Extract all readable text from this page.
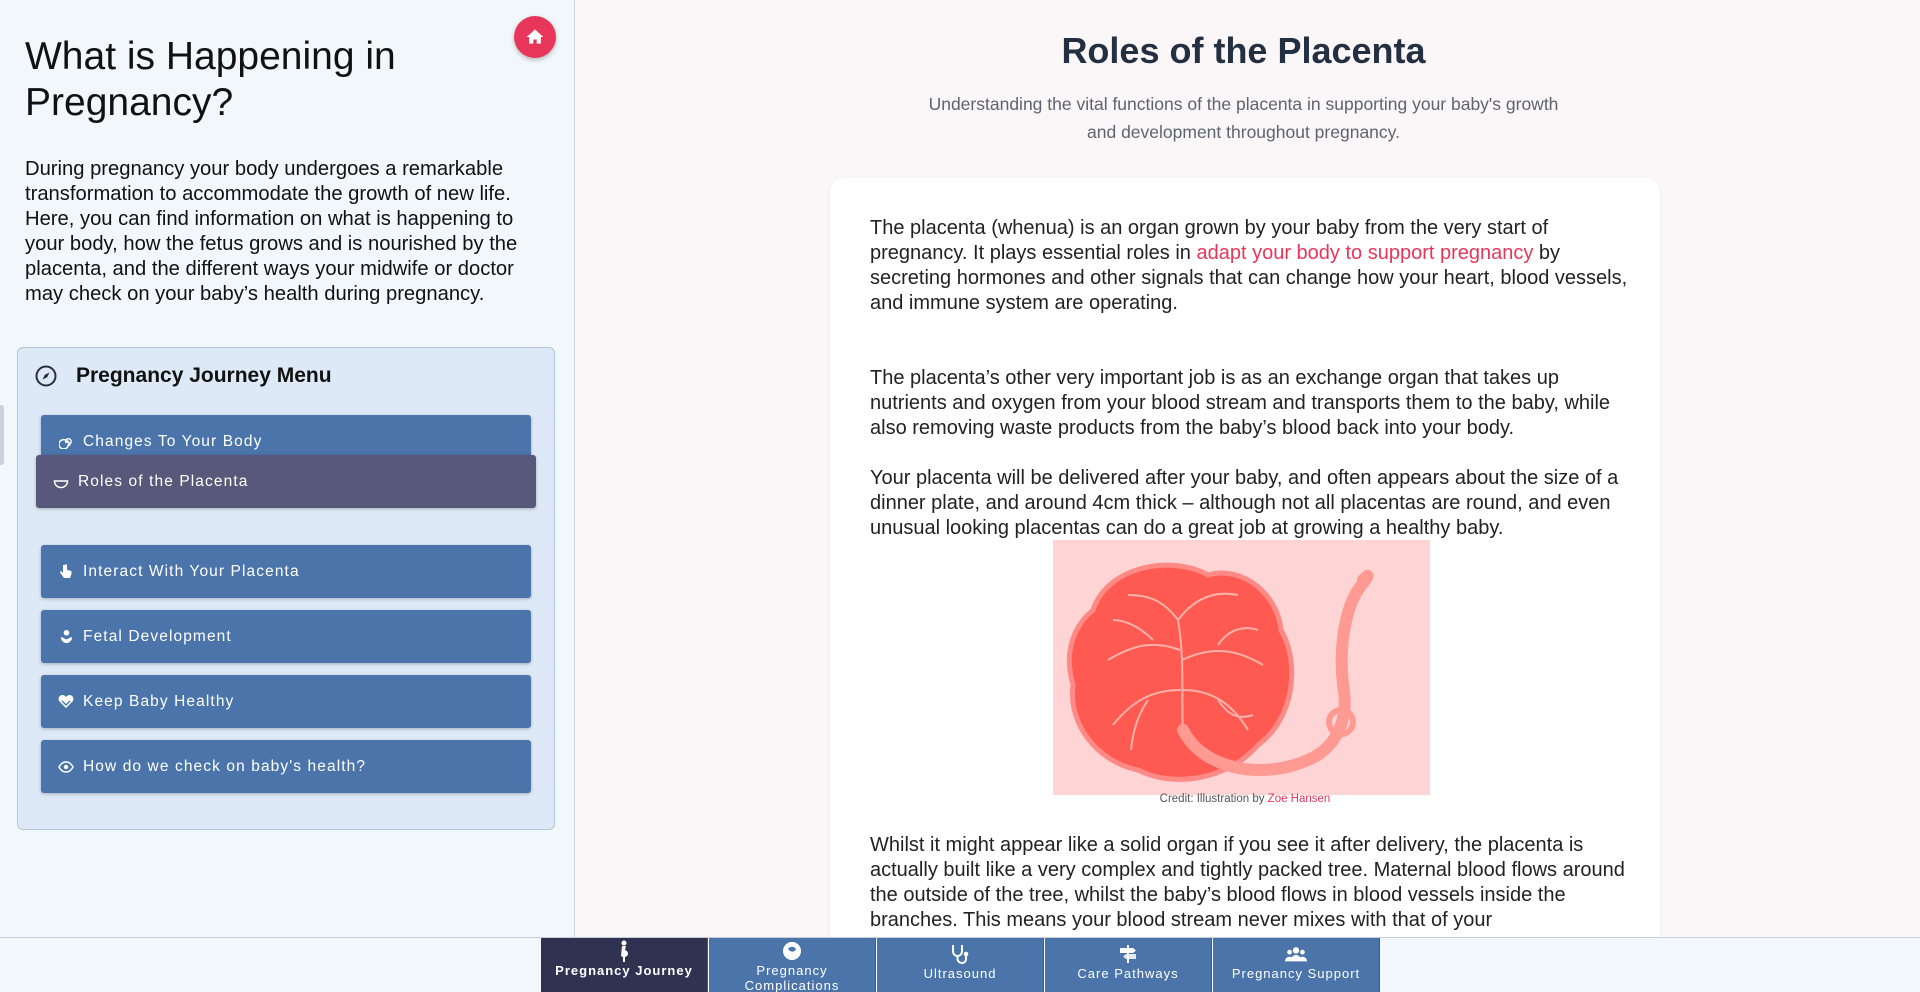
What is Happening in Pregnancy?

During pregnancy your body undergoes a remarkable transformation to accommodate the growth of new life. Here, you can find information on what is happening to your body, how the fetus grows and is nourished by the placenta, and the different ways your midwife or doctor may check on your baby’s health during pregnancy.

Pregnancy Journey Menu
Changes To Your Body
Roles of the Placenta
Interact With Your Placenta
Fetal Development
Keep Baby Healthy
How do we check on baby's health?
Roles of the Placenta

Understanding the vital functions of the placenta in supporting your baby's growth and development throughout pregnancy.

The placenta (whenua) is an organ grown by your baby from the very start of pregnancy. It plays essential roles in adapt your body to support pregnancy by secreting hormones and other signals that can change how your heart, blood vessels, and immune system are operating.

The placenta’s other very important job is as an exchange organ that takes up nutrients and oxygen from your blood stream and transports them to the baby, while also removing waste products from the baby’s blood back into your body.

Your placenta will be delivered after your baby, and often appears about the size of a dinner plate, and around 4cm thick – although not all placentas are round, and even unusual looking placentas can do a great job at growing a healthy baby.

Credit: Illustration by Zoe Hansen

Whilst it might appear like a solid organ if you see it after delivery, the placenta is actually built like a very complex and tightly packed tree. Maternal blood flows around the outside of the tree, whilst the baby’s blood flows in blood vessels inside the branches. This means your blood stream never mixes with that of your

Pregnancy Journey	Pregnancy Complications
Ultrasound	Care Pathways	Pregnancy Support
